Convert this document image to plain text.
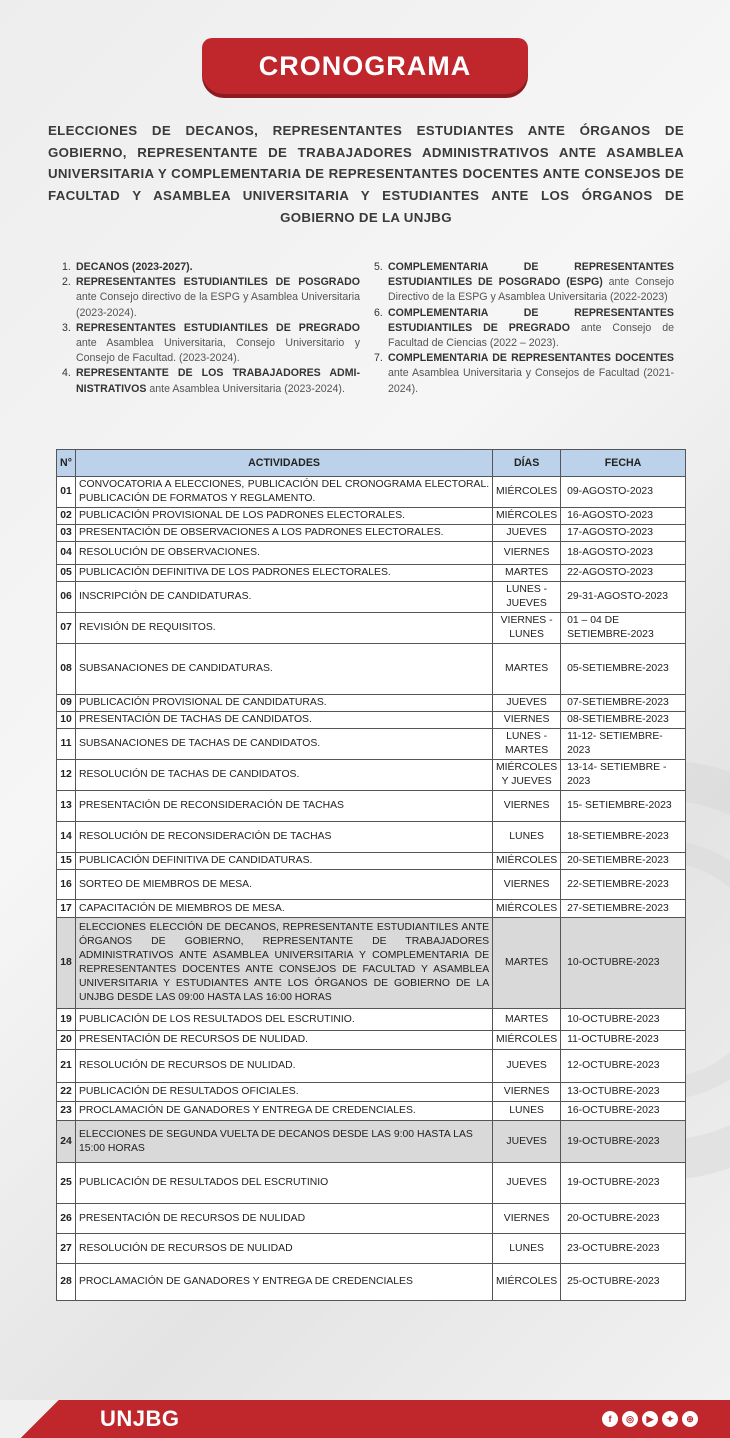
CRONOGRAMA
ELECCIONES DE DECANOS, REPRESENTANTES ESTUDIANTES ANTE ÓRGANOS DE GOBIERNO, REPRESENTANTE DE TRABAJADORES ADMINISTRATIVOS ANTE ASAMBLEA UNIVERSITARIA Y COMPLEMENTARIA DE REPRESENTANTES DOCENTES ANTE CONSEJOS DE FACULTAD Y ASAMBLEA UNIVERSITARIA Y ESTUDIANTES ANTE LOS ÓRGANOS DE GOBIERNO DE LA UNJBG
1. DECANOS (2023-2027).
2. REPRESENTANTES ESTUDIANTILES DE POSGRADO ante Consejo directivo de la ESPG y Asamblea Universitaria (2023-2024).
3. REPRESENTANTES ESTUDIANTILES DE PREGRADO ante Asamblea Universitaria, Consejo Universitario y Consejo de Facultad. (2023-2024).
4. REPRESENTANTE DE LOS TRABAJADORES ADMI-NISTRATIVOS ante Asamblea Universitaria (2023-2024).
5. COMPLEMENTARIA DE REPRESENTANTES ESTUDIANTILES DE POSGRADO (ESPG) ante Consejo Directivo de la ESPG y Asamblea Universitaria (2022-2023)
6. COMPLEMENTARIA DE REPRESENTANTES ESTUDIANTILES DE PREGRADO ante Consejo de Facultad de Ciencias (2022 – 2023).
7. COMPLEMENTARIA DE REPRESENTANTES DOCENTES ante Asamblea Universitaria y Consejos de Facultad (2021-2024).
N°	ACTIVIDADES	DÍAS	FECHA
01	CONVOCATORIA A ELECCIONES, PUBLICACIÓN DEL CRONOGRAMA ELECTORAL. PUBLICACIÓN DE FORMATOS Y REGLAMENTO.	MIÉRCOLES	09-AGOSTO-2023
02	PUBLICACIÓN PROVISIONAL DE LOS PADRONES ELECTORALES.	MIÉRCOLES	16-AGOSTO-2023
03	PRESENTACIÓN DE OBSERVACIONES A LOS PADRONES ELECTORALES.	JUEVES	17-AGOSTO-2023
04	RESOLUCIÓN DE OBSERVACIONES.	VIERNES	18-AGOSTO-2023
05	PUBLICACIÓN DEFINITIVA DE LOS PADRONES ELECTORALES.	MARTES	22-AGOSTO-2023
06	INSCRIPCIÓN DE CANDIDATURAS.	LUNES - JUEVES	29-31-AGOSTO-2023
07	REVISIÓN DE REQUISITOS.	VIERNES - LUNES	01 – 04 DE SETIEMBRE-2023
08	SUBSANACIONES DE CANDIDATURAS.	MARTES	05-SETIEMBRE-2023
09	PUBLICACIÓN PROVISIONAL DE CANDIDATURAS.	JUEVES	07-SETIEMBRE-2023
10	PRESENTACIÓN DE TACHAS DE CANDIDATOS.	VIERNES	08-SETIEMBRE-2023
11	SUBSANACIONES DE TACHAS DE CANDIDATOS.	LUNES - MARTES	11-12- SETIEMBRE-2023
12	RESOLUCIÓN DE TACHAS DE CANDIDATOS.	MIÉRCOLES Y JUEVES	13-14- SETIEMBRE - 2023
13	PRESENTACIÓN DE RECONSIDERACIÓN DE TACHAS	VIERNES	15- SETIEMBRE-2023
14	RESOLUCIÓN DE RECONSIDERACIÓN DE TACHAS	LUNES	18-SETIEMBRE-2023
15	PUBLICACIÓN DEFINITIVA DE CANDIDATURAS.	MIÉRCOLES	20-SETIEMBRE-2023
16	SORTEO DE MIEMBROS DE MESA.	VIERNES	22-SETIEMBRE-2023
17	CAPACITACIÓN DE MIEMBROS DE MESA.	MIÉRCOLES	27-SETIEMBRE-2023
18	ELECCIONES ELECCIÓN DE DECANOS, REPRESENTANTE ESTUDIANTILES ANTE ÓRGANOS DE GOBIERNO, REPRESENTANTE DE TRABAJADORES ADMINISTRATIVOS ANTE ASAMBLEA UNIVERSITARIA Y COMPLEMENTARIA DE REPRESENTANTES DOCENTES ANTE CONSEJOS DE FACULTAD Y ASAMBLEA UNIVERSITARIA Y ESTUDIANTES ANTE LOS ÓRGANOS DE GOBIERNO DE LA UNJBG DESDE LAS 09:00 HASTA LAS 16:00 HORAS	MARTES	10-OCTUBRE-2023
19	PUBLICACIÓN DE LOS RESULTADOS DEL ESCRUTINIO.	MARTES	10-OCTUBRE-2023
20	PRESENTACIÓN DE RECURSOS DE NULIDAD.	MIÉRCOLES	11-OCTUBRE-2023
21	RESOLUCIÓN DE RECURSOS DE NULIDAD.	JUEVES	12-OCTUBRE-2023
22	PUBLICACIÓN DE RESULTADOS OFICIALES.	VIERNES	13-OCTUBRE-2023
23	PROCLAMACIÓN DE GANADORES Y ENTREGA DE CREDENCIALES.	LUNES	16-OCTUBRE-2023
24	ELECCIONES DE SEGUNDA VUELTA DE DECANOS DESDE LAS 9:00 HASTA LAS 15:00 HORAS	JUEVES	19-OCTUBRE-2023
25	PUBLICACIÓN DE RESULTADOS DEL ESCRUTINIO	JUEVES	19-OCTUBRE-2023
26	PRESENTACIÓN DE RECURSOS DE NULIDAD	VIERNES	20-OCTUBRE-2023
27	RESOLUCIÓN DE RECURSOS DE NULIDAD	LUNES	23-OCTUBRE-2023
28	PROCLAMACIÓN DE GANADORES Y ENTREGA DE CREDENCIALES	MIÉRCOLES	25-OCTUBRE-2023
UNJBG	f	◎	▶	✦	⊕
